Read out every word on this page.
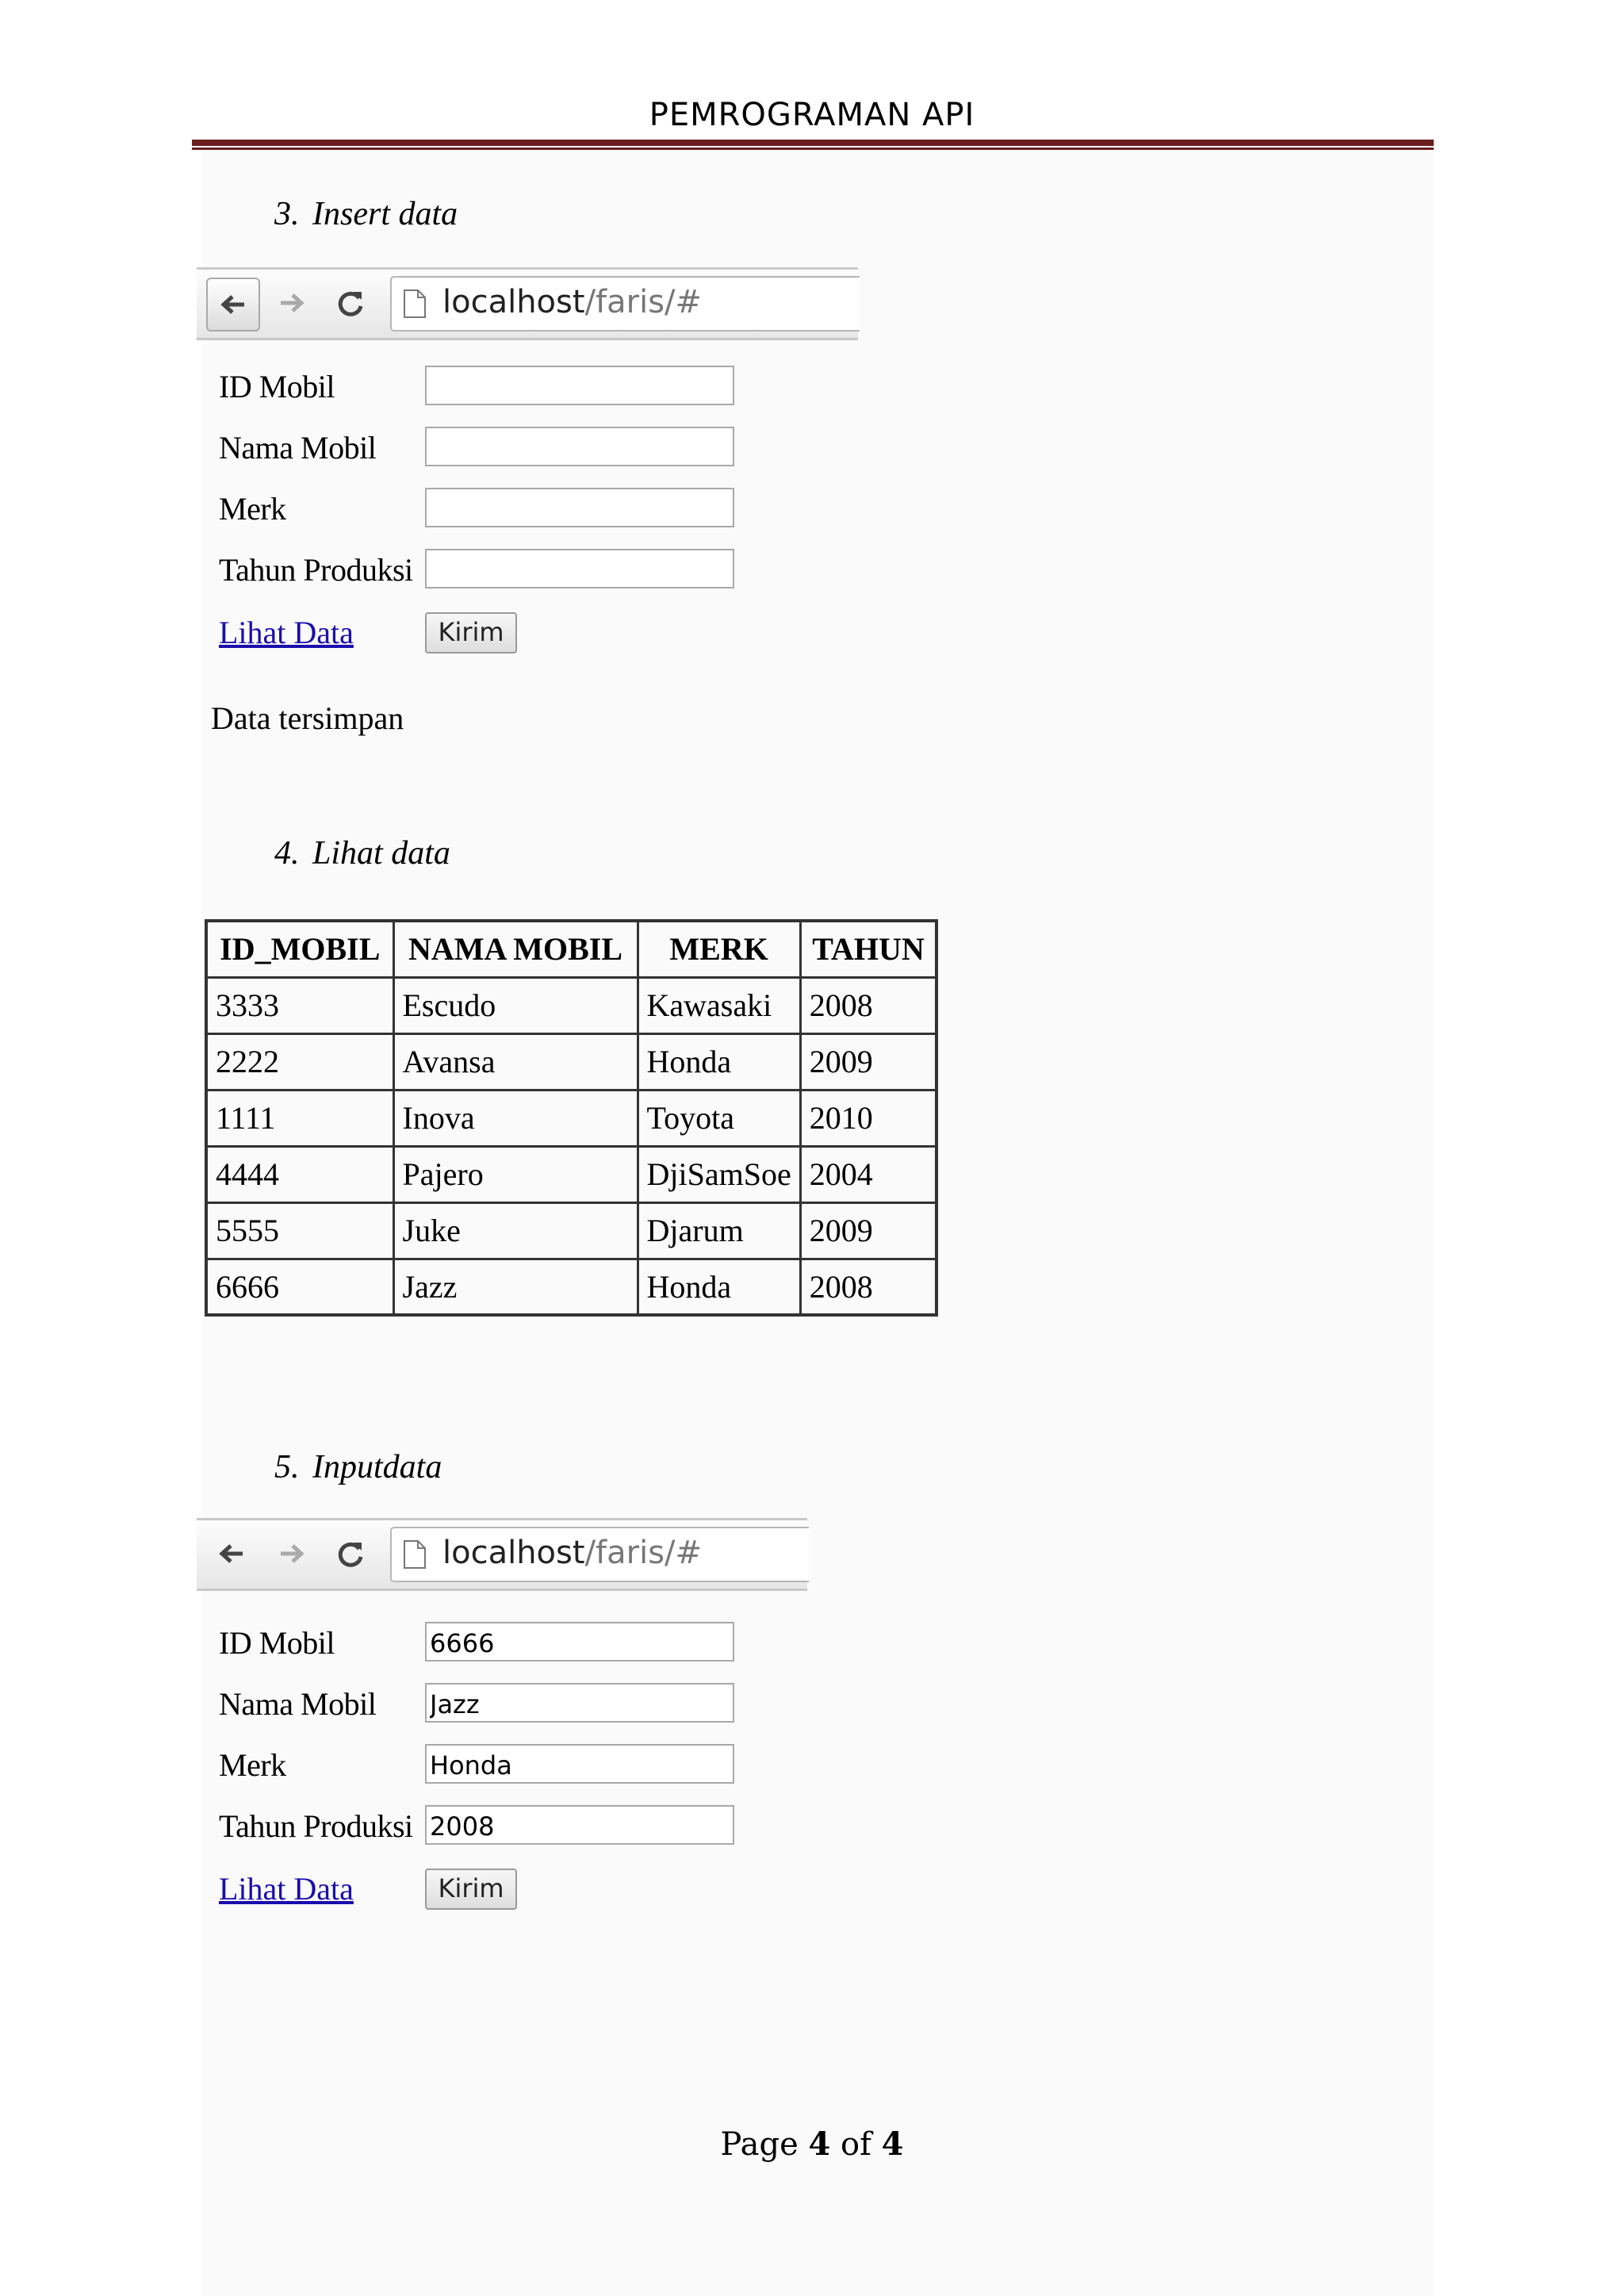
PEMROGRAMAN API
3. Insert data
localhost/faris/#
ID Mobil
Nama Mobil
Merk
Tahun Produksi
Lihat Data	Kirim
Data tersimpan
4. Lihat data
ID_MOBIL	NAMA MOBIL	MERK	TAHUN
3333	Escudo	Kawasaki	2008
2222	Avansa	Honda	2009
1111	Inova	Toyota	2010
4444	Pajero	DjiSamSoe	2004
5555	Juke	Djarum	2009
6666	Jazz	Honda	2008
5. Inputdata
localhost/faris/#
ID Mobil
6666
Nama Mobil
Jazz
Merk
Honda
Tahun Produksi
2008
Lihat Data	Kirim
Page 4 of 4
